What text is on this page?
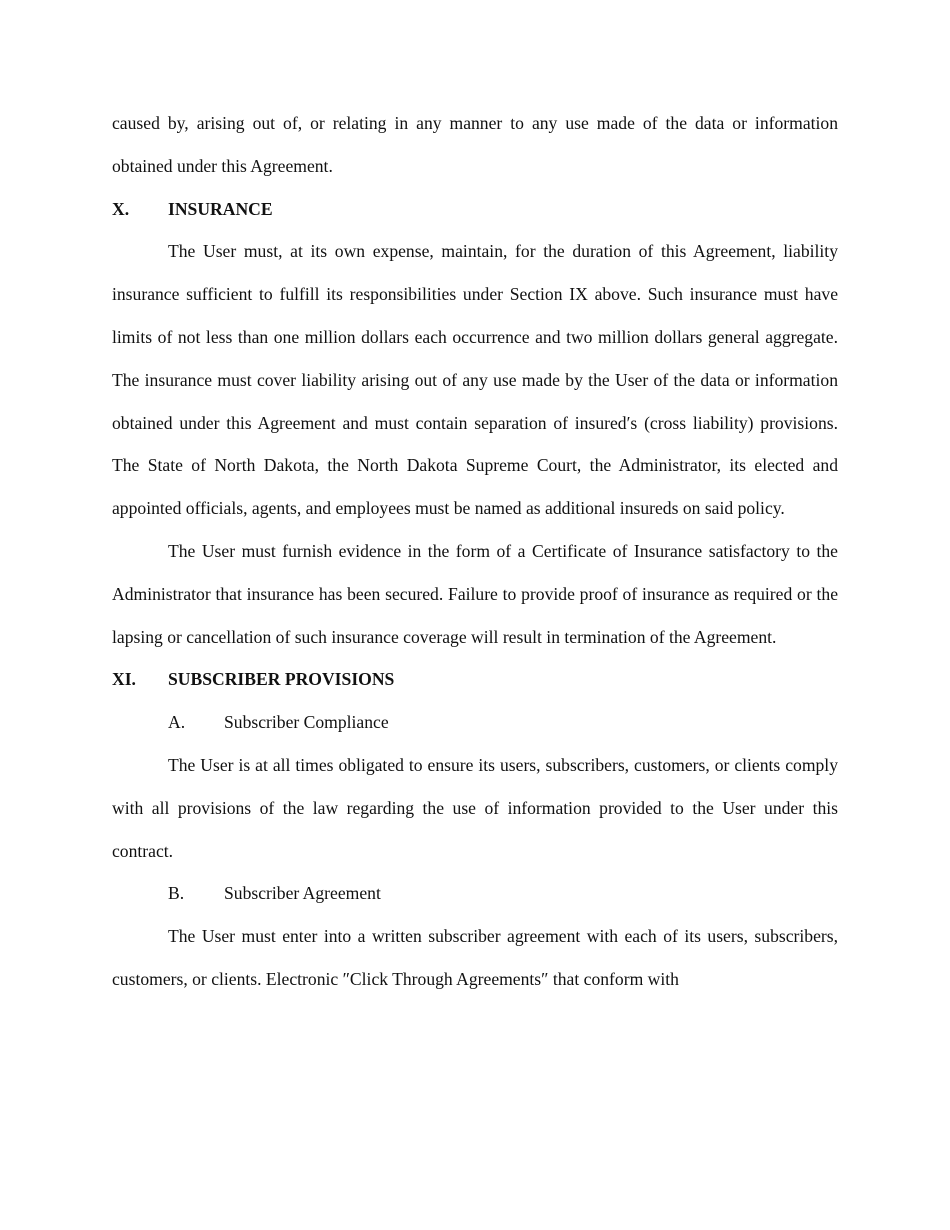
caused by, arising out of, or relating in any manner to any use made of the data or information obtained under this Agreement.

X.	INSURANCE

The User must, at its own expense, maintain, for the duration of this Agreement, liability insurance sufficient to fulfill its responsibilities under Section IX above. Such insurance must have limits of not less than one million dollars each occurrence and two million dollars general aggregate. The insurance must cover liability arising out of any use made by the User of the data or information obtained under this Agreement and must contain separation of insured′s (cross liability) provisions. The State of North Dakota, the North Dakota Supreme Court, the Administrator, its elected and appointed officials, agents, and employees must be named as additional insureds on said policy.

The User must furnish evidence in the form of a Certificate of Insurance satisfactory to the Administrator that insurance has been secured. Failure to provide proof of insurance as required or the lapsing or cancellation of such insurance coverage will result in termination of the Agreement.

XI.	SUBSCRIBER PROVISIONS
A.	Subscriber Compliance

The User is at all times obligated to ensure its users, subscribers, customers, or clients comply with all provisions of the law regarding the use of information provided to the User under this contract.

B.	Subscriber Agreement

The User must enter into a written subscriber agreement with each of its users, subscribers, customers, or clients. Electronic ″Click Through Agreements″ that conform with
